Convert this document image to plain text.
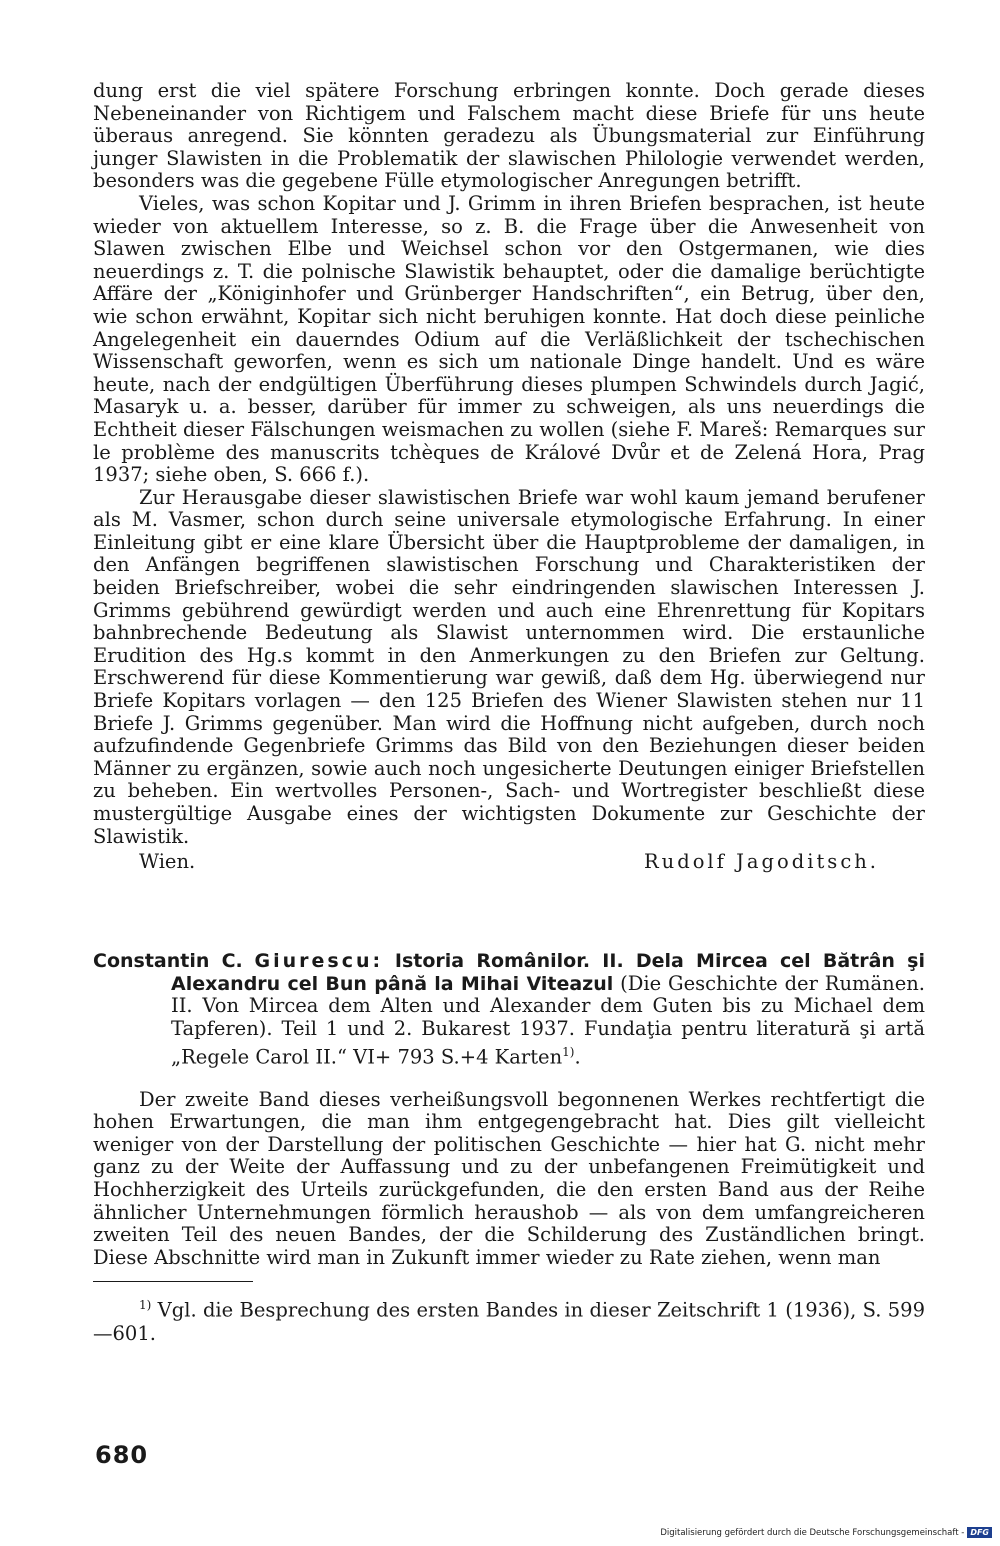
dung erst die viel spätere Forschung erbringen konnte. Doch gerade dieses Nebeneinander von Richtigem und Falschem macht diese Briefe für uns heute überaus anregend. Sie könnten geradezu als Übungsmaterial zur Einführung junger Slawisten in die Problematik der slawischen Philologie verwendet werden, besonders was die gegebene Fülle etymologischer Anregungen betrifft.

Vieles, was schon Kopitar und J. Grimm in ihren Briefen besprachen, ist heute wieder von aktuellem Interesse, so z. B. die Frage über die Anwesenheit von Slawen zwischen Elbe und Weichsel schon vor den Ostgermanen, wie dies neuerdings z. T. die polnische Slawistik behauptet, oder die damalige berüchtigte Affäre der „Königinhofer und Grünberger Handschriften“, ein Betrug, über den, wie schon erwähnt, Kopitar sich nicht beruhigen konnte. Hat doch diese peinliche Angelegenheit ein dauerndes Odium auf die Verläßlichkeit der tschechischen Wissenschaft geworfen, wenn es sich um nationale Dinge handelt. Und es wäre heute, nach der endgültigen Überführung dieses plumpen Schwindels durch Jagić, Masaryk u. a. besser, darüber für immer zu schweigen, als uns neuerdings die Echtheit dieser Fälschungen weismachen zu wollen (siehe F. Mareš: Remarques sur le problème des manuscrits tchèques de Králové Dvůr et de Zelená Hora, Prag 1937; siehe oben, S. 666 f.).

Zur Herausgabe dieser slawistischen Briefe war wohl kaum jemand berufener als M. Vasmer, schon durch seine universale etymologische Erfahrung. In einer Einleitung gibt er eine klare Übersicht über die Hauptprobleme der damaligen, in den Anfängen begriffenen slawistischen Forschung und Charakteristiken der beiden Briefschreiber, wobei die sehr eindringenden slawischen Interessen J. Grimms gebührend gewürdigt werden und auch eine Ehrenrettung für Kopitars bahnbrechende Bedeutung als Slawist unternommen wird. Die erstaunliche Erudition des Hg.s kommt in den Anmerkungen zu den Briefen zur Geltung. Erschwerend für diese Kommentierung war gewiß, daß dem Hg. überwiegend nur Briefe Kopitars vorlagen — den 125 Briefen des Wiener Slawisten stehen nur 11 Briefe J. Grimms gegenüber. Man wird die Hoffnung nicht aufgeben, durch noch aufzufindende Gegenbriefe Grimms das Bild von den Beziehungen dieser beiden Männer zu ergänzen, sowie auch noch ungesicherte Deutungen einiger Briefstellen zu beheben. Ein wertvolles Personen-, Sach- und Wortregister beschließt diese mustergültige Ausgabe eines der wichtigsten Dokumente zur Geschichte der Slawistik.

Wien.	Rudolf Jagoditsch.

Constantin C. Giurescu: Istoria Românilor. II. Dela Mircea cel Bătrân şi Alexandru cel Bun până la Mihai Viteazul (Die Geschichte der Rumänen. II. Von Mircea dem Alten und Alexander dem Guten bis zu Michael dem Tapferen). Teil 1 und 2. Bukarest 1937. Fundaţia pentru literatură şi artă „Regele Carol II.“ VI+ 793 S.+4 Karten$^{1)}$.

Der zweite Band dieses verheißungsvoll begonnenen Werkes rechtfertigt die hohen Erwartungen, die man ihm entgegengebracht hat. Dies gilt vielleicht weniger von der Darstellung der politischen Geschichte — hier hat G. nicht mehr ganz zu der Weite der Auffassung und zu der unbefangenen Freimütigkeit und Hochherzigkeit des Urteils zurückgefunden, die den ersten Band aus der Reihe ähnlicher Unternehmungen förmlich heraushob — als von dem umfangreicheren zweiten Teil des neuen Bandes, der die Schilderung des Zuständlichen bringt. Diese Abschnitte wird man in Zukunft immer wieder zu Rate ziehen, wenn man

$^{1)}$ Vgl. die Besprechung des ersten Bandes in dieser Zeitschrift 1 (1936), S. 599—601.

680
Digitalisierung gefördert durch die Deutsche Forschungsgemeinschaft - DFG
